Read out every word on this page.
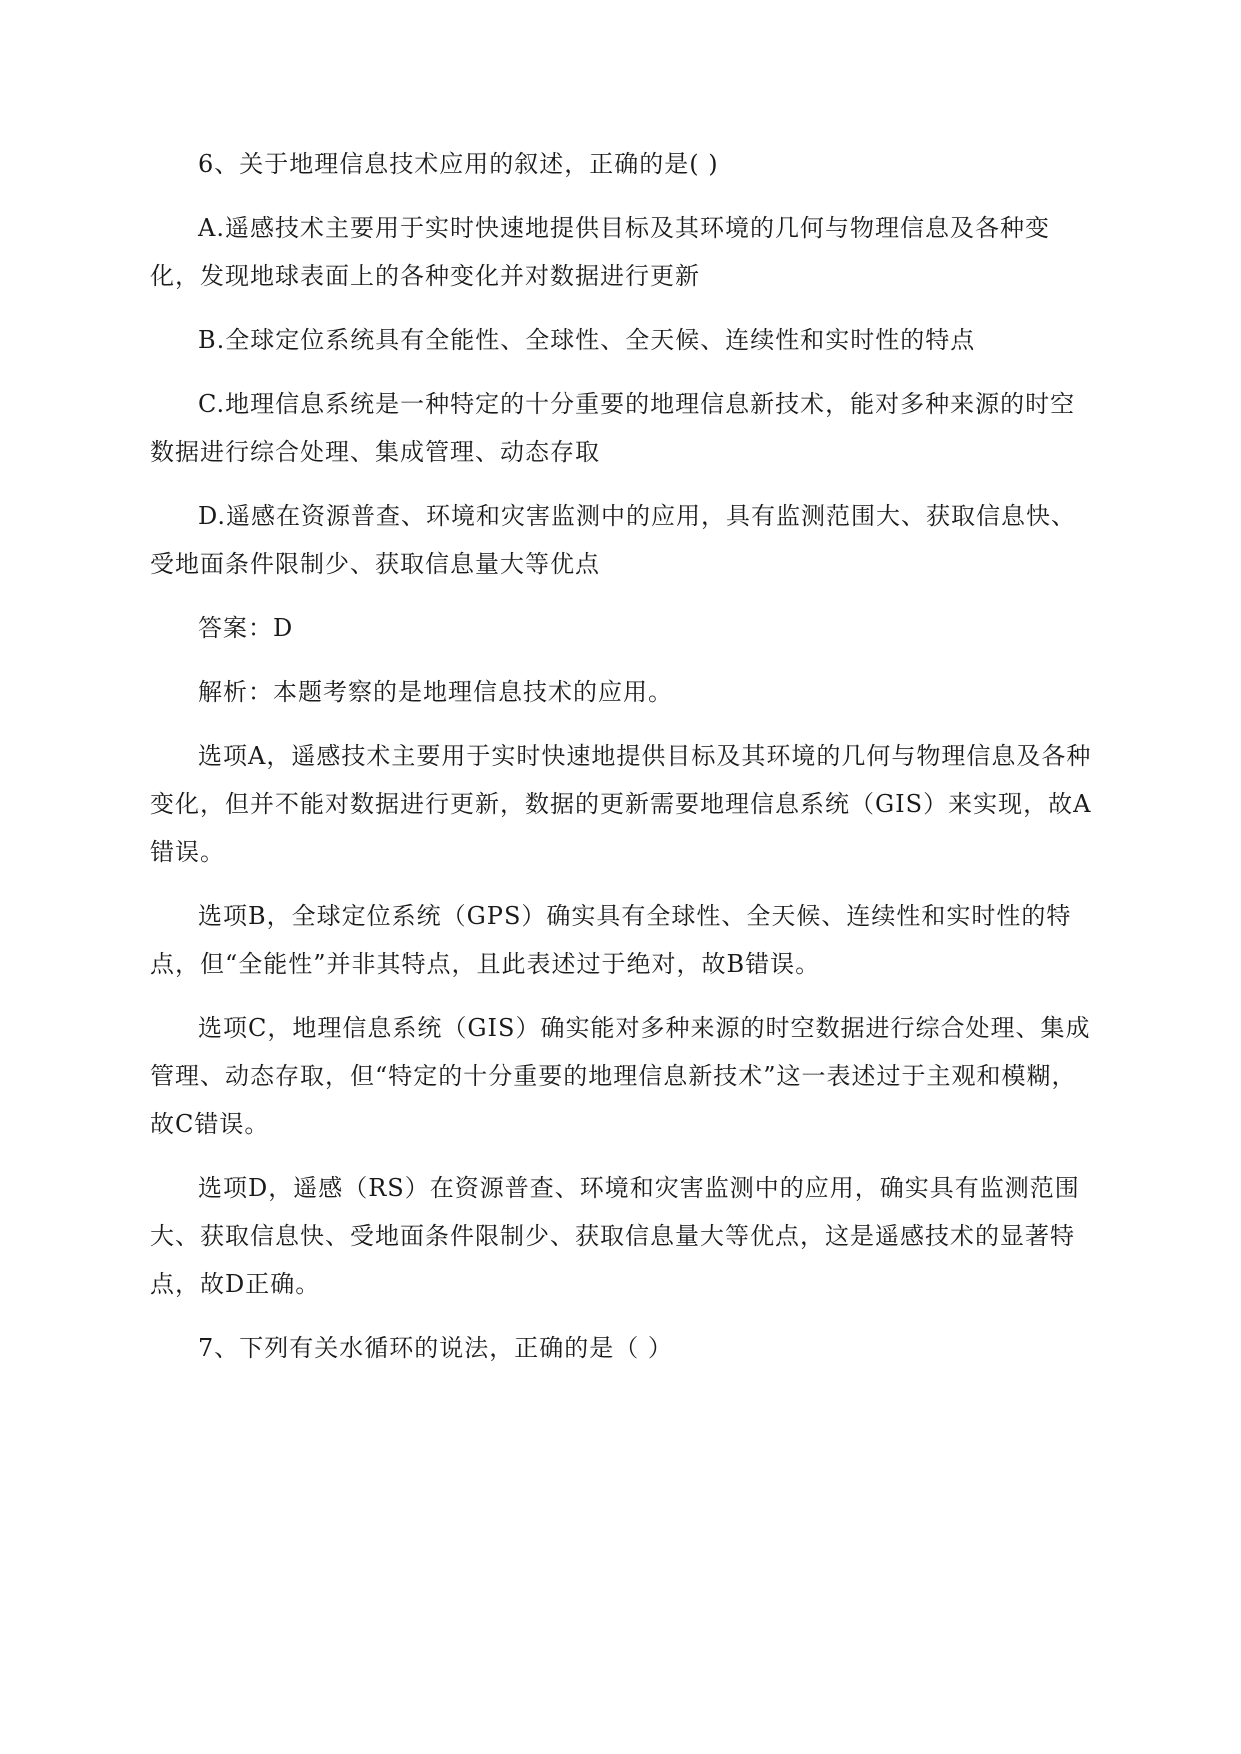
6、关于地理信息技术应用的叙述，正确的是( )

A.遥感技术主要用于实时快速地提供目标及其环境的几何与物理信息及各种变化，发现地球表面上的各种变化并对数据进行更新

B.全球定位系统具有全能性、全球性、全天候、连续性和实时性的特点

C.地理信息系统是一种特定的十分重要的地理信息新技术，能对多种来源的时空数据进行综合处理、集成管理、动态存取

D.遥感在资源普查、环境和灾害监测中的应用，具有监测范围大、获取信息快、受地面条件限制少、获取信息量大等优点

答案：D

解析：本题考察的是地理信息技术的应用。

选项A，遥感技术主要用于实时快速地提供目标及其环境的几何与物理信息及各种变化，但并不能对数据进行更新，数据的更新需要地理信息系统（GIS）来实现，故A错误。

选项B，全球定位系统（GPS）确实具有全球性、全天候、连续性和实时性的特点，但“全能性”并非其特点，且此表述过于绝对，故B错误。

选项C，地理信息系统（GIS）确实能对多种来源的时空数据进行综合处理、集成管理、动态存取，但“特定的十分重要的地理信息新技术”这一表述过于主观和模糊，故C错误。

选项D，遥感（RS）在资源普查、环境和灾害监测中的应用，确实具有监测范围大、获取信息快、受地面条件限制少、获取信息量大等优点，这是遥感技术的显著特点，故D正确。

7、下列有关水循环的说法，正确的是（ ）
